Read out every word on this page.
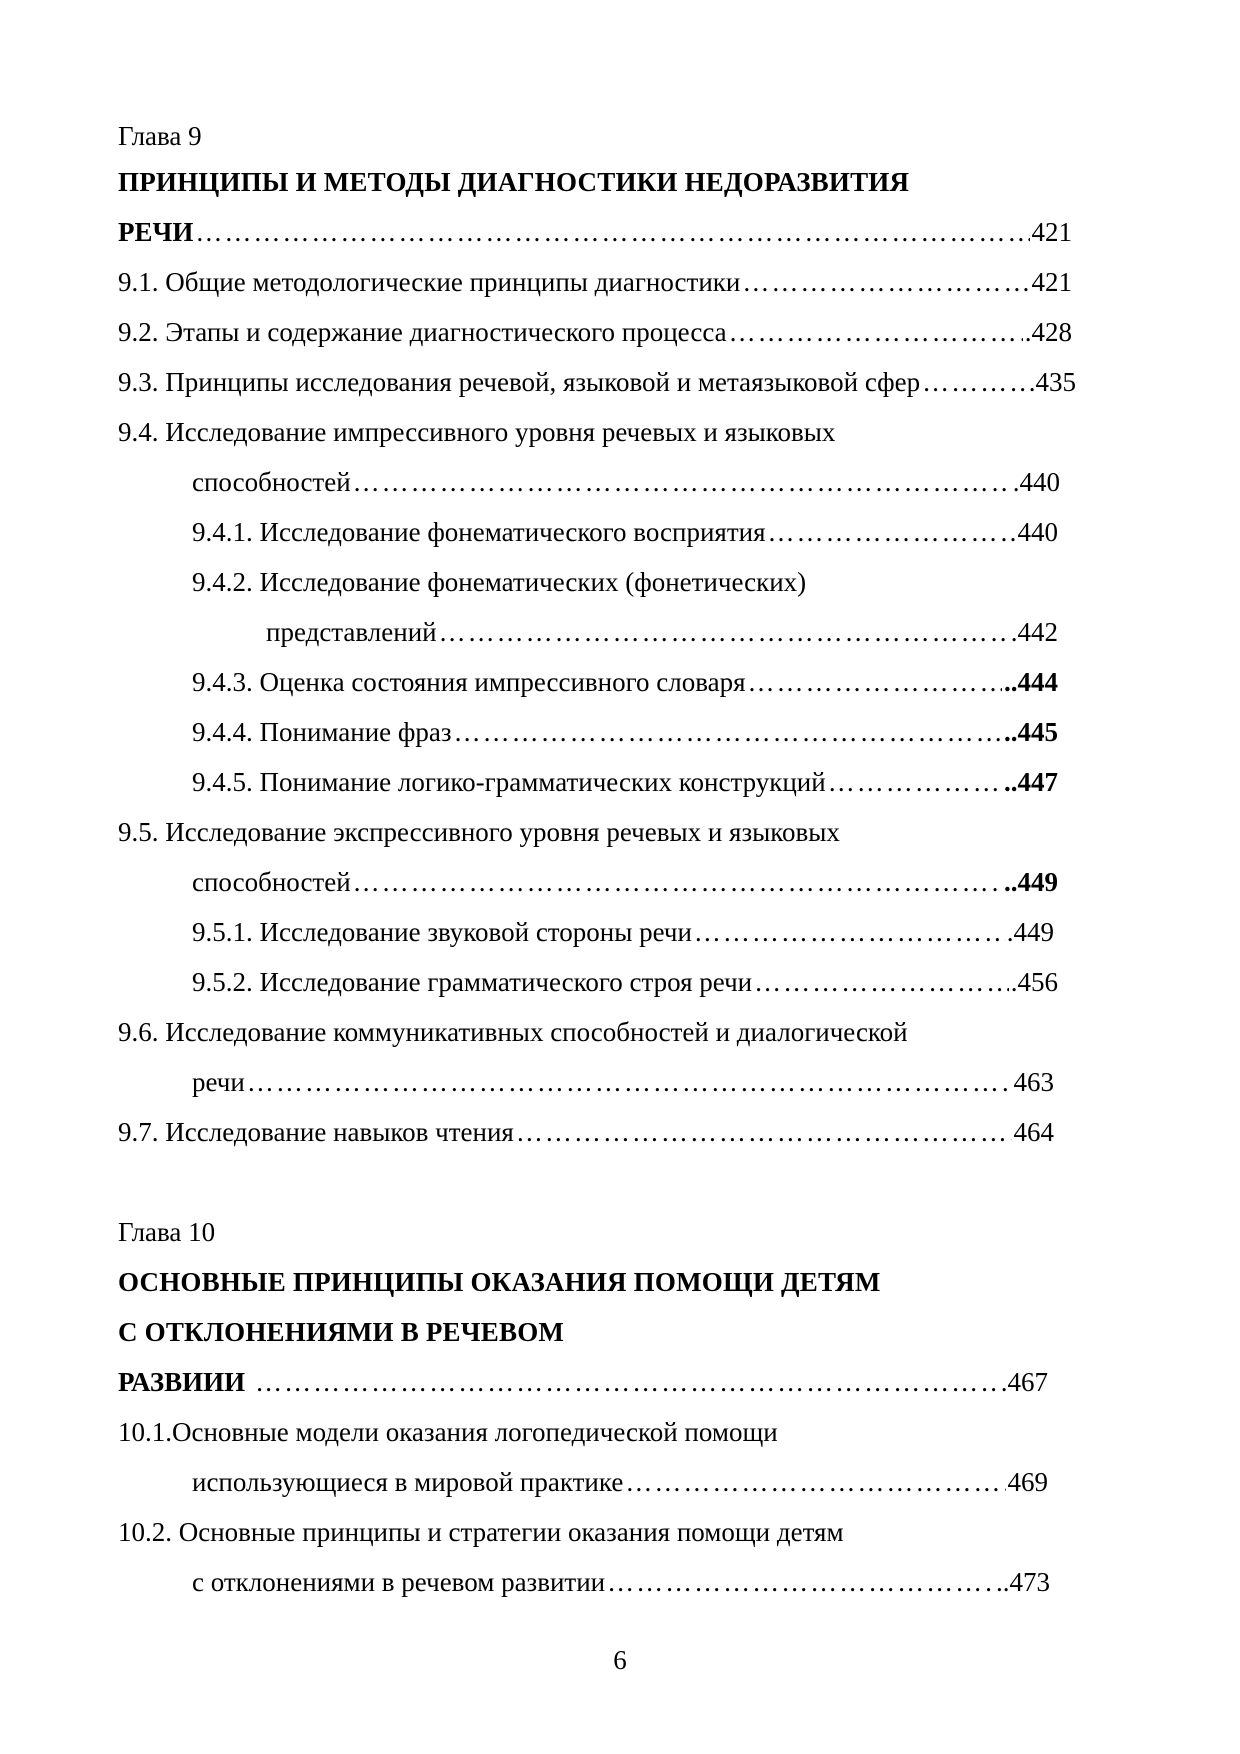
Глава 9
ПРИНЦИПЫ И МЕТОДЫ ДИАГНОСТИКИ НЕДОРАЗВИТИЯ
РЕЧИ ……………………………………………………………………………………………………………………………………………………………………………………………………	421
9.1. Общие методологические принципы диагностики ……………………………………………………………………………………………………………………………………………………………………………………………………	421
9.2. Этапы и содержание диагностического процесса ……………………………………………………………………………………………………………………………………………………………………………………………………	.428
9.3. Принципы исследования речевой, языковой и метаязыковой сфер ……………………………………………………………………………………………………………………………………………………………………………………………………	.435
9.4. Исследование импрессивного уровня речевых и языковых
способностей ……………………………………………………………………………………………………………………………………………………………………………………………………	.440
9.4.1. Исследование фонематического восприятия ……………………………………………………………………………………………………………………………………………………………………………………………………	440
9.4.2. Исследование фонематических (фонетических)
представлений ……………………………………………………………………………………………………………………………………………………………………………………………………	.442
9.4.3. Оценка состояния импрессивного словаря ……………………………………………………………………………………………………………………………………………………………………………………………………	..444
9.4.4. Понимание фраз ……………………………………………………………………………………………………………………………………………………………………………………………………	..445
9.4.5. Понимание логико-грамматических конструкций ……………………………………………………………………………………………………………………………………………………………………………………………………	..447
9.5. Исследование экспрессивного уровня речевых и языковых
способностей ……………………………………………………………………………………………………………………………………………………………………………………………………	..449
9.5.1. Исследование звуковой стороны речи ……………………………………………………………………………………………………………………………………………………………………………………………………	.449
9.5.2. Исследование грамматического строя речи ……………………………………………………………………………………………………………………………………………………………………………………………………	.456
9.6. Исследование коммуникативных способностей и диалогической
речи ……………………………………………………………………………………………………………………………………………………………………………………………………	463
9.7. Исследование навыков чтения ……………………………………………………………………………………………………………………………………………………………………………………………………	464
Глава 10
ОСНОВНЫЕ ПРИНЦИПЫ ОКАЗАНИЯ ПОМОЩИ ДЕТЯМ
С ОТКЛОНЕНИЯМИ В РЕЧЕВОМ
РАЗВИИИ ……………………………………………………………………………………………………………………………………………………………………………………………………	.467
10.1.Основные модели оказания логопедической помощи
использующиеся в мировой практике ……………………………………………………………………………………………………………………………………………………………………………………………………	469
10.2. Основные принципы и стратегии оказания помощи детям
с отклонениями в речевом развитии ……………………………………………………………………………………………………………………………………………………………………………………………………	..473
6
